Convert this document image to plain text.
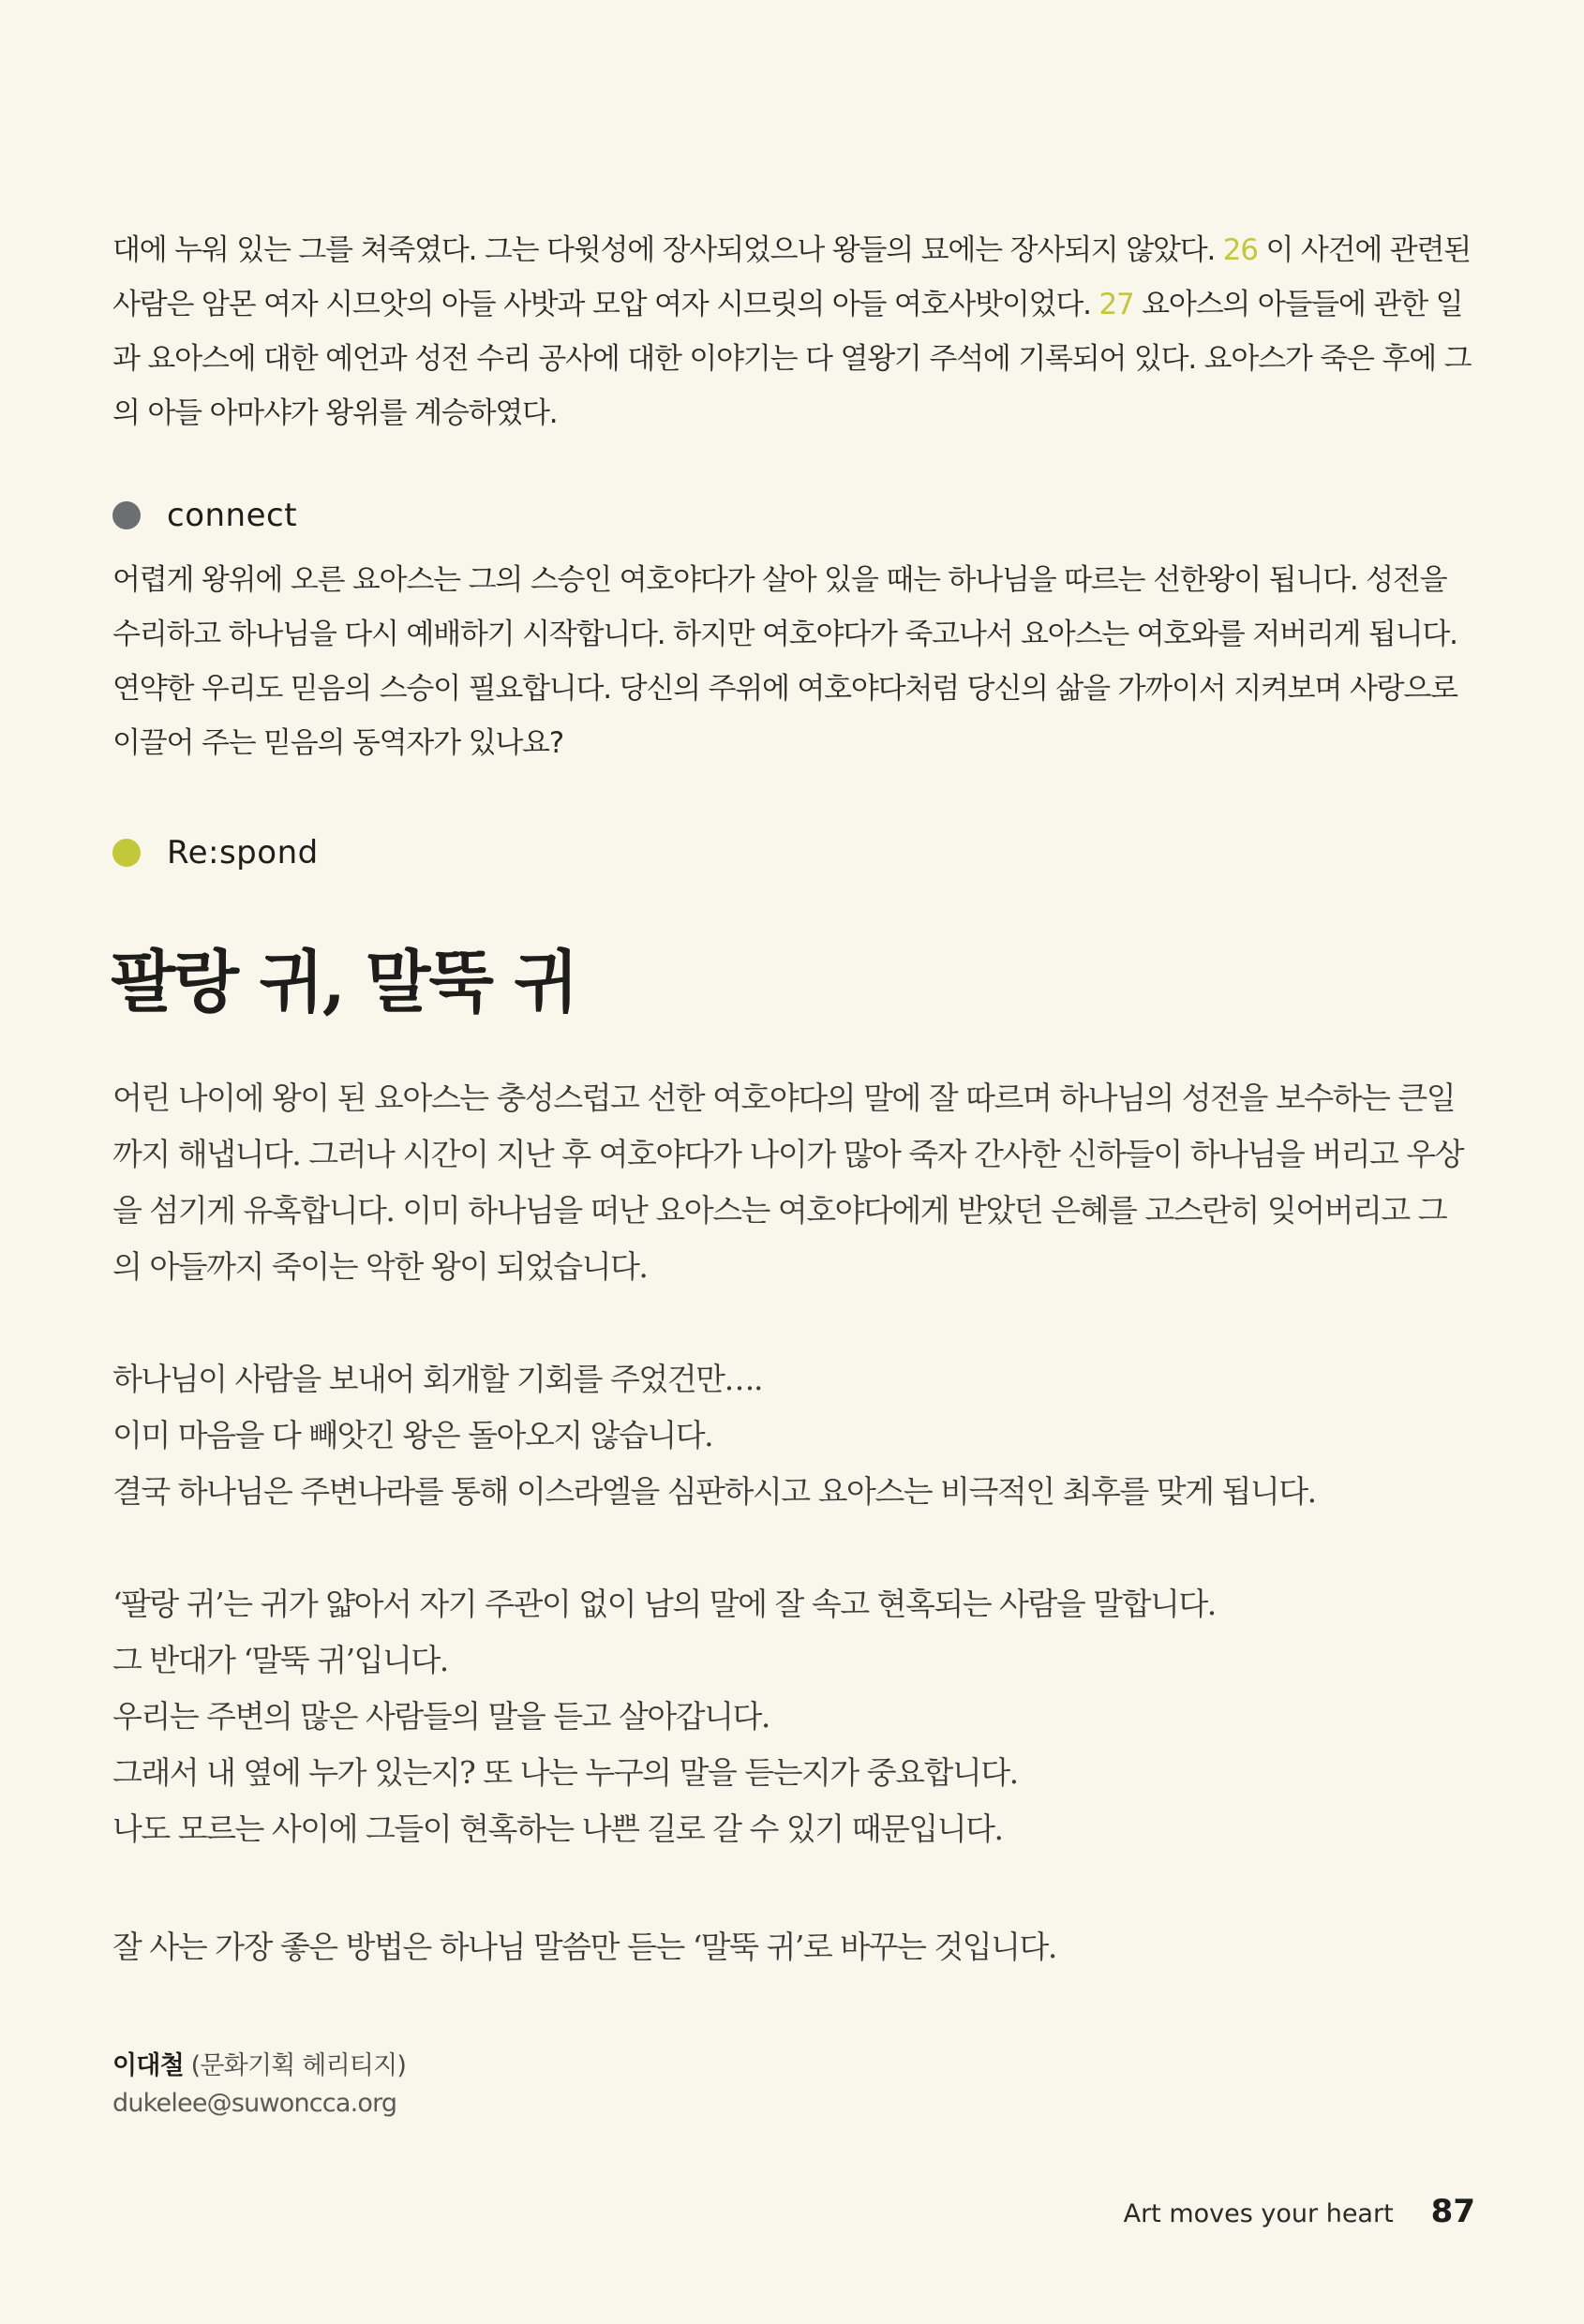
대에 누워 있는 그를 쳐죽였다. 그는 다윗성에 장사되었으나 왕들의 묘에는 장사되지 않았다. 26 이 사건에 관련된 사람은 암몬 여자 시므앗의 아들 사밧과 모압 여자 시므릿의 아들 여호사밧이었다. 27 요아스의 아들들에 관한 일과 요아스에 대한 예언과 성전 수리 공사에 대한 이야기는 다 열왕기 주석에 기록되어 있다. 요아스가 죽은 후에 그의 아들 아마샤가 왕위를 계승하였다.

connect

어렵게 왕위에 오른 요아스는 그의 스승인 여호야다가 살아 있을 때는 하나님을 따르는 선한왕이 됩니다. 성전을 수리하고 하나님을 다시 예배하기 시작합니다. 하지만 여호야다가 죽고나서 요아스는 여호와를 저버리게 됩니다. 연약한 우리도 믿음의 스승이 필요합니다. 당신의 주위에 여호야다처럼 당신의 삶을 가까이서 지켜보며 사랑으로 이끌어 주는 믿음의 동역자가 있나요?

Re:spond
팔랑 귀, 말뚝 귀

어린 나이에 왕이 된 요아스는 충성스럽고 선한 여호야다의 말에 잘 따르며 하나님의 성전을 보수하는 큰일까지 해냅니다. 그러나 시간이 지난 후 여호야다가 나이가 많아 죽자 간사한 신하들이 하나님을 버리고 우상을 섬기게 유혹합니다. 이미 하나님을 떠난 요아스는 여호야다에게 받았던 은혜를 고스란히 잊어버리고 그의 아들까지 죽이는 악한 왕이 되었습니다.

하나님이 사람을 보내어 회개할 기회를 주었건만….
이미 마음을 다 빼앗긴 왕은 돌아오지 않습니다.
결국 하나님은 주변나라를 통해 이스라엘을 심판하시고 요아스는 비극적인 최후를 맞게 됩니다.
‘팔랑 귀’는 귀가 얇아서 자기 주관이 없이 남의 말에 잘 속고 현혹되는 사람을 말합니다.
그 반대가 ‘말뚝 귀’입니다.
우리는 주변의 많은 사람들의 말을 듣고 살아갑니다.
그래서 내 옆에 누가 있는지? 또 나는 누구의 말을 듣는지가 중요합니다.
나도 모르는 사이에 그들이 현혹하는 나쁜 길로 갈 수 있기 때문입니다.

잘 사는 가장 좋은 방법은 하나님 말씀만 듣는 ‘말뚝 귀’로 바꾸는 것입니다.

이대철 (문화기획 헤리티지)
dukelee@suwoncca.org
Art moves your heart 87
